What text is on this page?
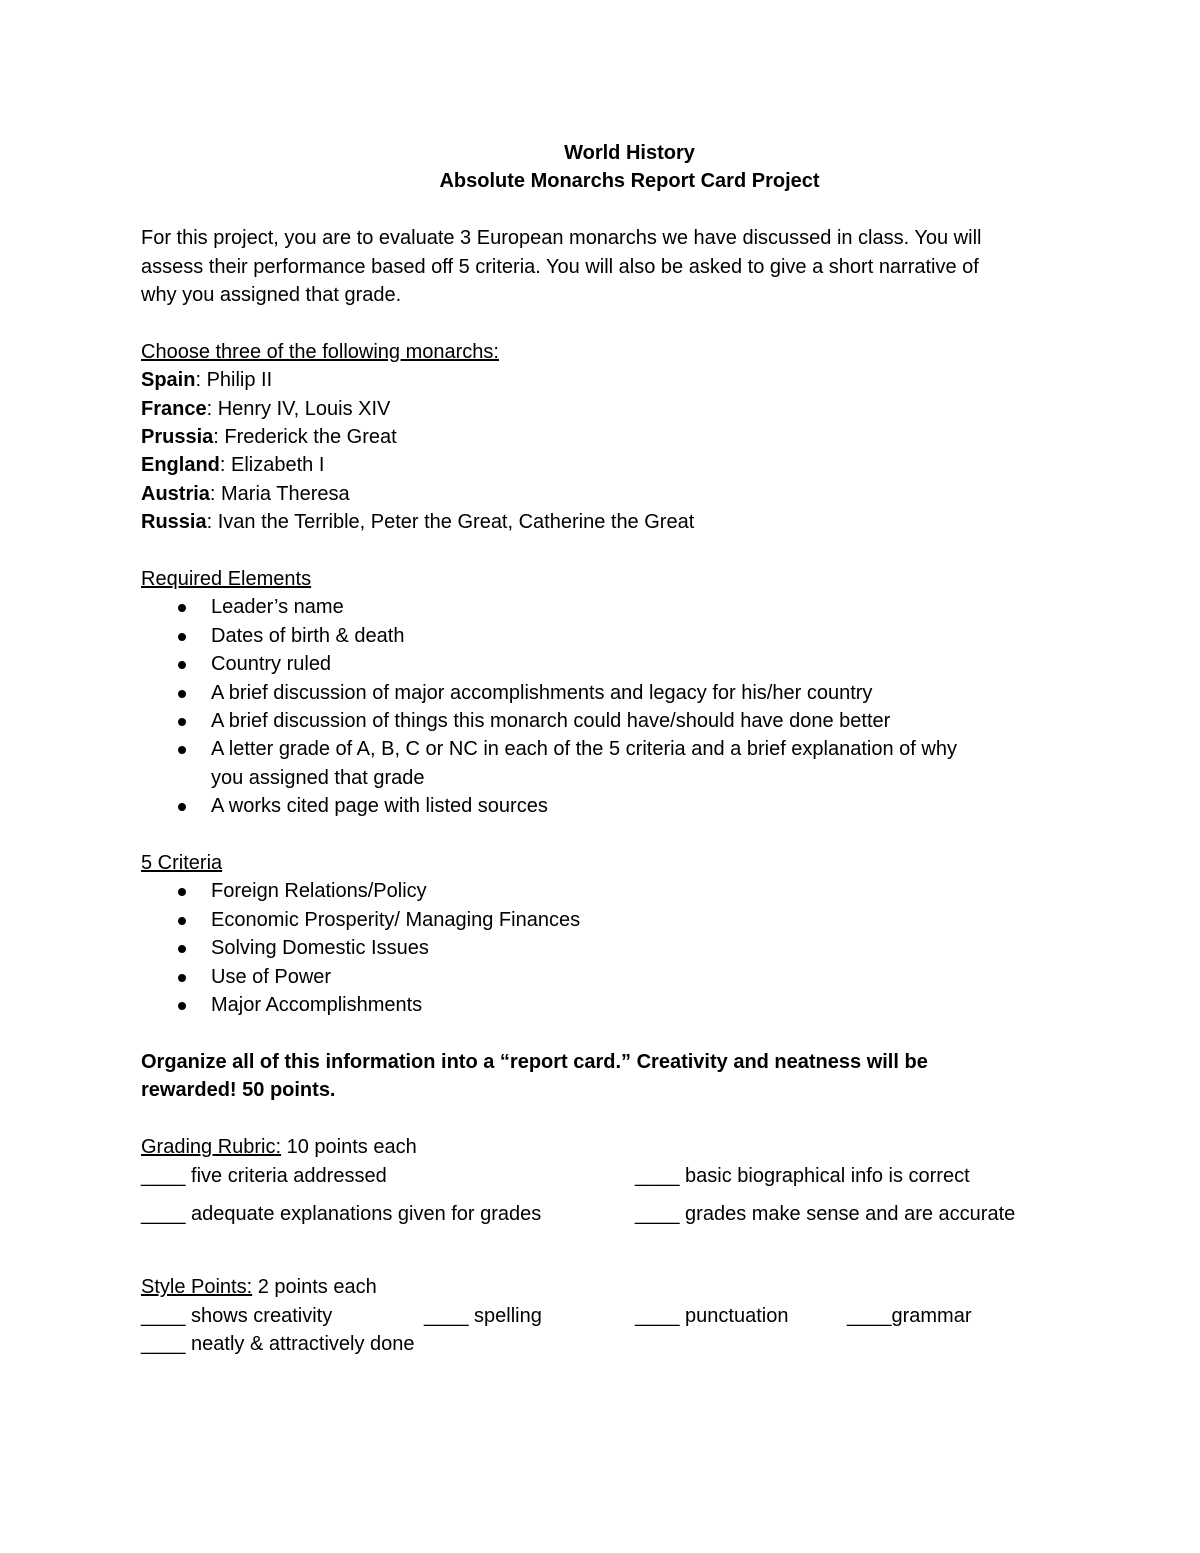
World History
Absolute Monarchs Report Card Project
For this project, you are to evaluate 3 European monarchs we have discussed in class. You will
assess their performance based off 5 criteria. You will also be asked to give a short narrative of
why you assigned that grade.
Choose three of the following monarchs:
Spain: Philip II
France: Henry IV, Louis XIV
Prussia: Frederick the Great
England: Elizabeth I
Austria: Maria Theresa
Russia: Ivan the Terrible, Peter the Great, Catherine the Great
Required Elements
Leader’s name
Dates of birth & death
Country ruled
A brief discussion of major accomplishments and legacy for his/her country
A brief discussion of things this monarch could have/should have done better
A letter grade of A, B, C or NC in each of the 5 criteria and a brief explanation of why
you assigned that grade
A works cited page with listed sources
5 Criteria
Foreign Relations/Policy
Economic Prosperity/ Managing Finances
Solving Domestic Issues
Use of Power
Major Accomplishments
Organize all of this information into a “report card.” Creativity and neatness will be
rewarded! 50 points.
Grading Rubric: 10 points each
____ five criteria addressed	____ basic biographical info is correct
____ adequate explanations given for grades	____ grades make sense and are accurate
Style Points: 2 points each
____ shows creativity	____ spelling	____ punctuation	____grammar
____ neatly & attractively done
